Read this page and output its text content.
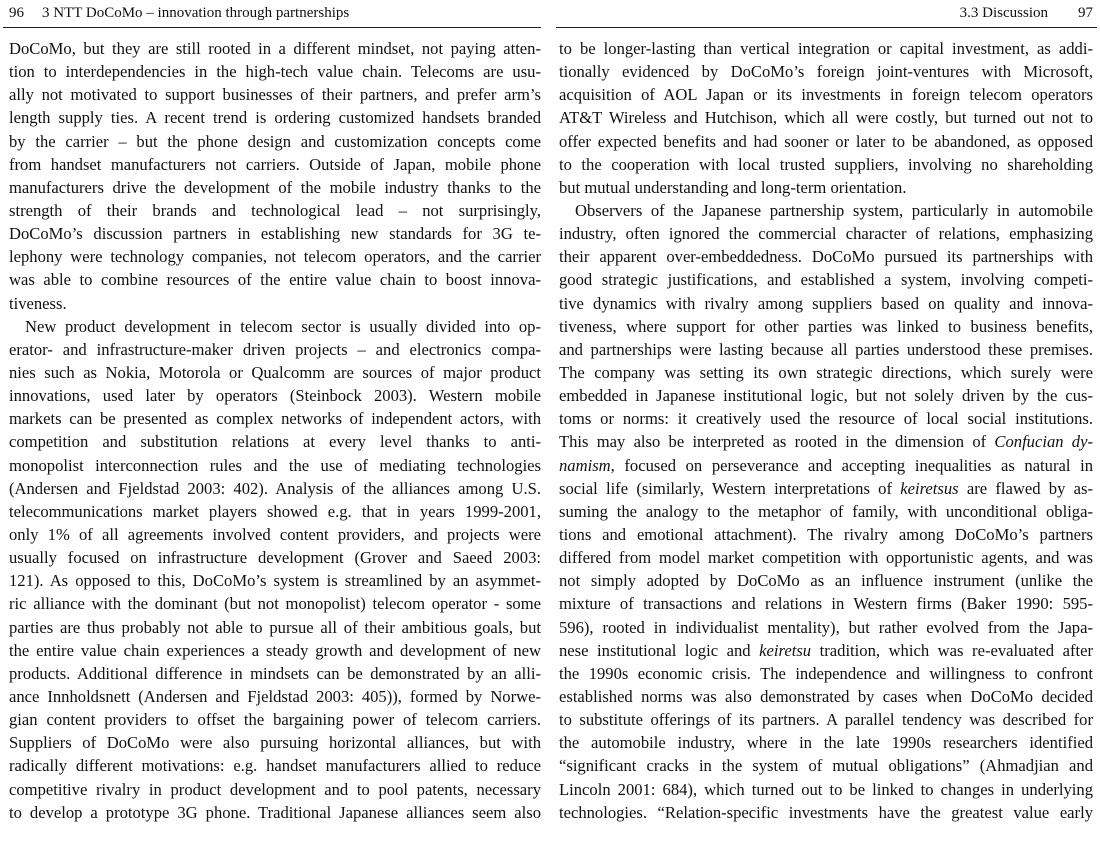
96 3 NTT DoCoMo – innovation through partnerships
DoCoMo, but they are still rooted in a different mindset, not paying atten-
tion to interdependencies in the high-tech value chain. Telecoms are usu-
ally not motivated to support businesses of their partners, and prefer arm’s
length supply ties. A recent trend is ordering customized handsets branded
by the carrier – but the phone design and customization concepts come
from handset manufacturers not carriers. Outside of Japan, mobile phone
manufacturers drive the development of the mobile industry thanks to the
strength of their brands and technological lead – not surprisingly,
DoCoMo’s discussion partners in establishing new standards for 3G te-
lephony were technology companies, not telecom operators, and the carrier
was able to combine resources of the entire value chain to boost innova-
tiveness.
New product development in telecom sector is usually divided into op-
erator- and infrastructure-maker driven projects – and electronics compa-
nies such as Nokia, Motorola or Qualcomm are sources of major product
innovations, used later by operators (Steinbock 2003). Western mobile
markets can be presented as complex networks of independent actors, with
competition and substitution relations at every level thanks to anti-
monopolist interconnection rules and the use of mediating technologies
(Andersen and Fjeldstad 2003: 402). Analysis of the alliances among U.S.
telecommunications market players showed e.g. that in years 1999-2001,
only 1% of all agreements involved content providers, and projects were
usually focused on infrastructure development (Grover and Saeed 2003:
121). As opposed to this, DoCoMo’s system is streamlined by an asymmet-
ric alliance with the dominant (but not monopolist) telecom operator - some
parties are thus probably not able to pursue all of their ambitious goals, but
the entire value chain experiences a steady growth and development of new
products. Additional difference in mindsets can be demonstrated by an alli-
ance Innholdsnett (Andersen and Fjeldstad 2003: 405)), formed by Norwe-
gian content providers to offset the bargaining power of telecom carriers.
Suppliers of DoCoMo were also pursuing horizontal alliances, but with
radically different motivations: e.g. handset manufacturers allied to reduce
competitive rivalry in product development and to pool patents, necessary
to develop a prototype 3G phone. Traditional Japanese alliances seem also
3.3 Discussion 97
to be longer-lasting than vertical integration or capital investment, as addi-
tionally evidenced by DoCoMo’s foreign joint-ventures with Microsoft,
acquisition of AOL Japan or its investments in foreign telecom operators
AT&T Wireless and Hutchison, which all were costly, but turned out not to
offer expected benefits and had sooner or later to be abandoned, as opposed
to the cooperation with local trusted suppliers, involving no shareholding
but mutual understanding and long-term orientation.
Observers of the Japanese partnership system, particularly in automobile
industry, often ignored the commercial character of relations, emphasizing
their apparent over-embeddedness. DoCoMo pursued its partnerships with
good strategic justifications, and established a system, involving competi-
tive dynamics with rivalry among suppliers based on quality and innova-
tiveness, where support for other parties was linked to business benefits,
and partnerships were lasting because all parties understood these premises.
The company was setting its own strategic directions, which surely were
embedded in Japanese institutional logic, but not solely driven by the cus-
toms or norms: it creatively used the resource of local social institutions.
This may also be interpreted as rooted in the dimension of Confucian dy-
namism, focused on perseverance and accepting inequalities as natural in
social life (similarly, Western interpretations of keiretsus are flawed by as-
suming the analogy to the metaphor of family, with unconditional obliga-
tions and emotional attachment). The rivalry among DoCoMo’s partners
differed from model market competition with opportunistic agents, and was
not simply adopted by DoCoMo as an influence instrument (unlike the
mixture of transactions and relations in Western firms (Baker 1990: 595-
596), rooted in individualist mentality), but rather evolved from the Japa-
nese institutional logic and keiretsu tradition, which was re-evaluated after
the 1990s economic crisis. The independence and willingness to confront
established norms was also demonstrated by cases when DoCoMo decided
to substitute offerings of its partners. A parallel tendency was described for
the automobile industry, where in the late 1990s researchers identified
“significant cracks in the system of mutual obligations” (Ahmadjian and
Lincoln 2001: 684), which turned out to be linked to changes in underlying
technologies. “Relation-specific investments have the greatest value early
